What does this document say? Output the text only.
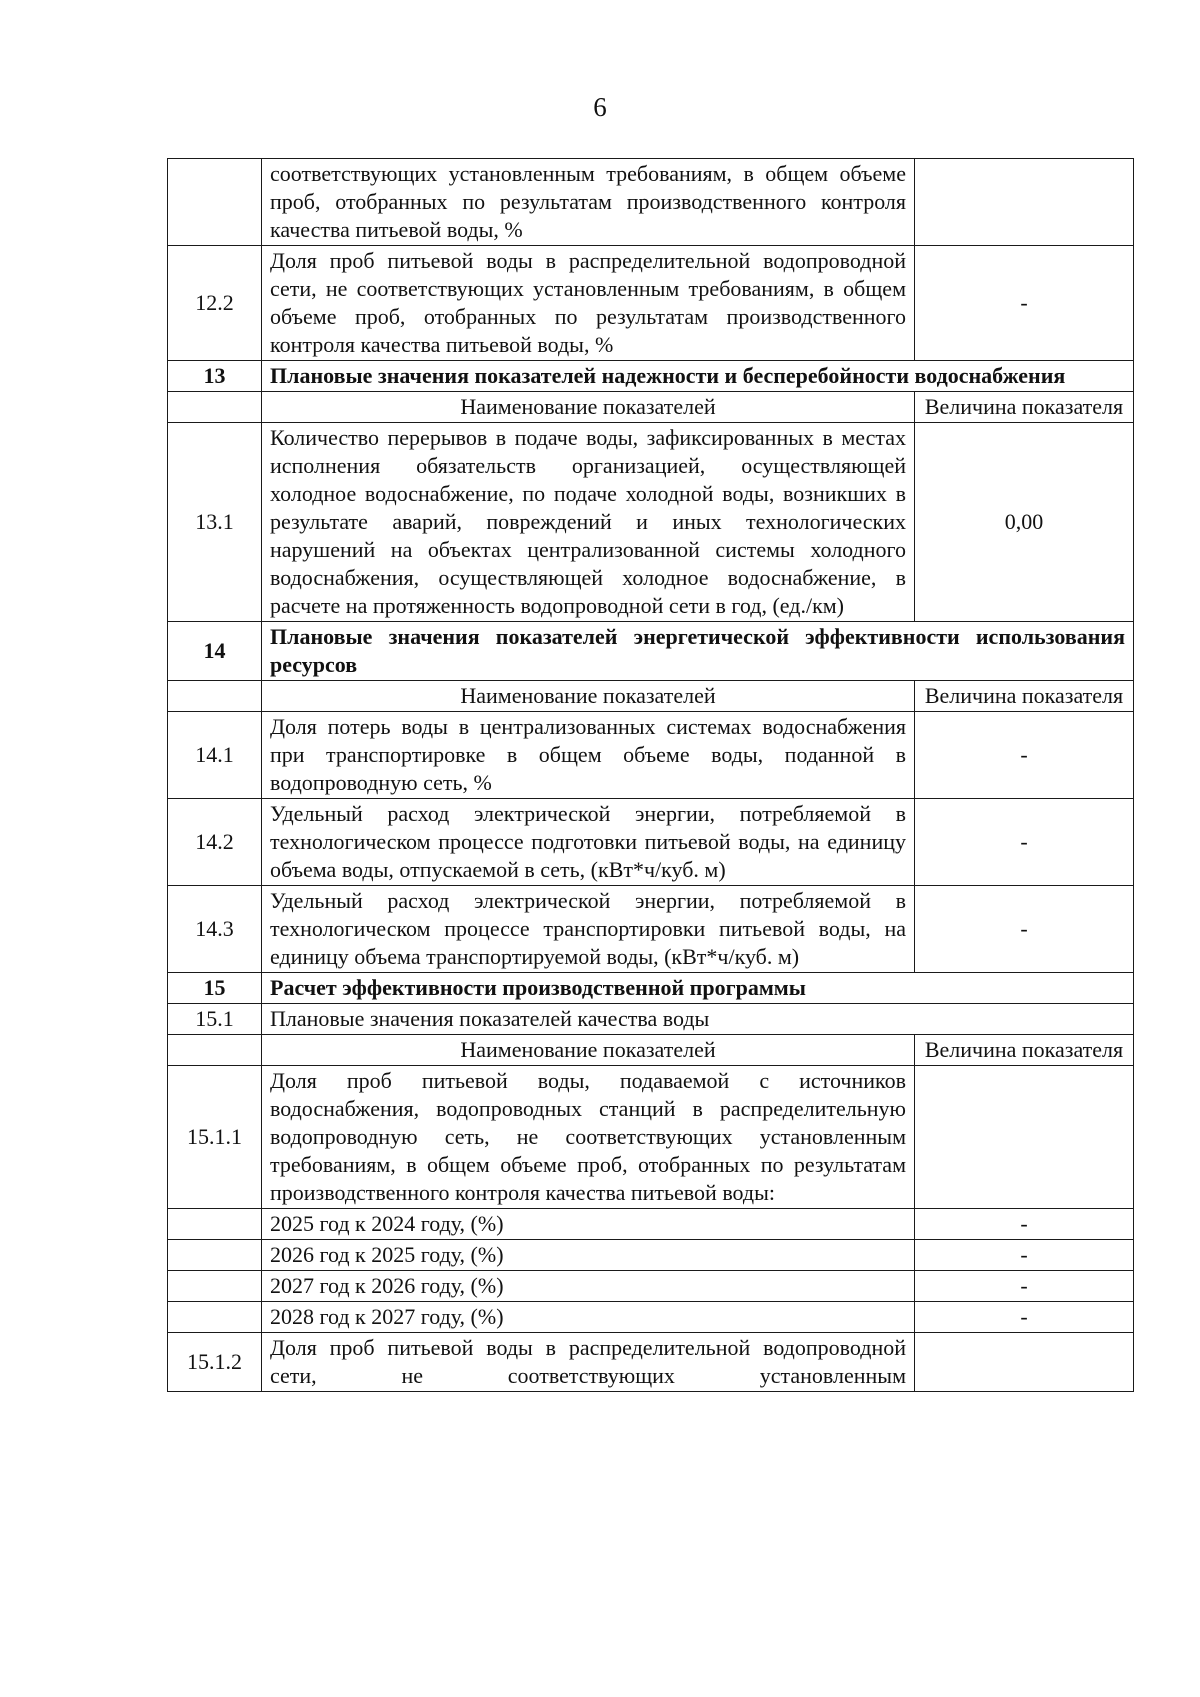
6
	соответствующих установленным требованиям, в общем объеме проб, отобранных по результатам производственного контроля качества питьевой воды, %	
12.2	Доля проб питьевой воды в распределительной водопроводной сети, не соответствующих установленным требованиям, в общем объеме проб, отобранных по результатам производственного контроля качества питьевой воды, %	-
13	Плановые значения показателей надежности и бесперебойности водоснабжения	
	Наименование показателей	Величина показателя
13.1	Количество перерывов в подаче воды, зафиксированных в местах исполнения обязательств организацией, осуществляющей холодное водоснабжение, по подаче холодной воды, возникших в результате аварий, повреждений и иных технологических нарушений на объектах централизованной системы холодного водоснабжения, осуществляющей холодное водоснабжение, в расчете на протяженность водопроводной сети в год, (ед./км)	0,00
14	Плановые значения показателей энергетической эффективности использования ресурсов	
	Наименование показателей	Величина показателя
14.1	Доля потерь воды в централизованных системах водоснабжения при транспортировке в общем объеме воды, поданной в водопроводную сеть, %	-
14.2	Удельный расход электрической энергии, потребляемой в технологическом процессе подготовки питьевой воды, на единицу объема воды, отпускаемой в сеть, (кВт*ч/куб. м)	-
14.3	Удельный расход электрической энергии, потребляемой в технологическом процессе транспортировки питьевой воды, на единицу объема транспортируемой воды, (кВт*ч/куб. м)	-
15	Расчет эффективности производственной программы	
15.1	Плановые значения показателей качества воды	
	Наименование показателей	Величина показателя
15.1.1	Доля проб питьевой воды, подаваемой с источников водоснабжения, водопроводных станций в распределительную водопроводную сеть, не соответствующих установленным требованиям, в общем объеме проб, отобранных по результатам производственного контроля качества питьевой воды:	
	2025 год к 2024 году, (%)	-
	2026 год к 2025 году, (%)	-
	2027 год к 2026 году, (%)	-
	2028 год к 2027 году, (%)	-
15.1.2	Доля проб питьевой воды в распределительной водопроводной сети, не соответствующих установленным	
